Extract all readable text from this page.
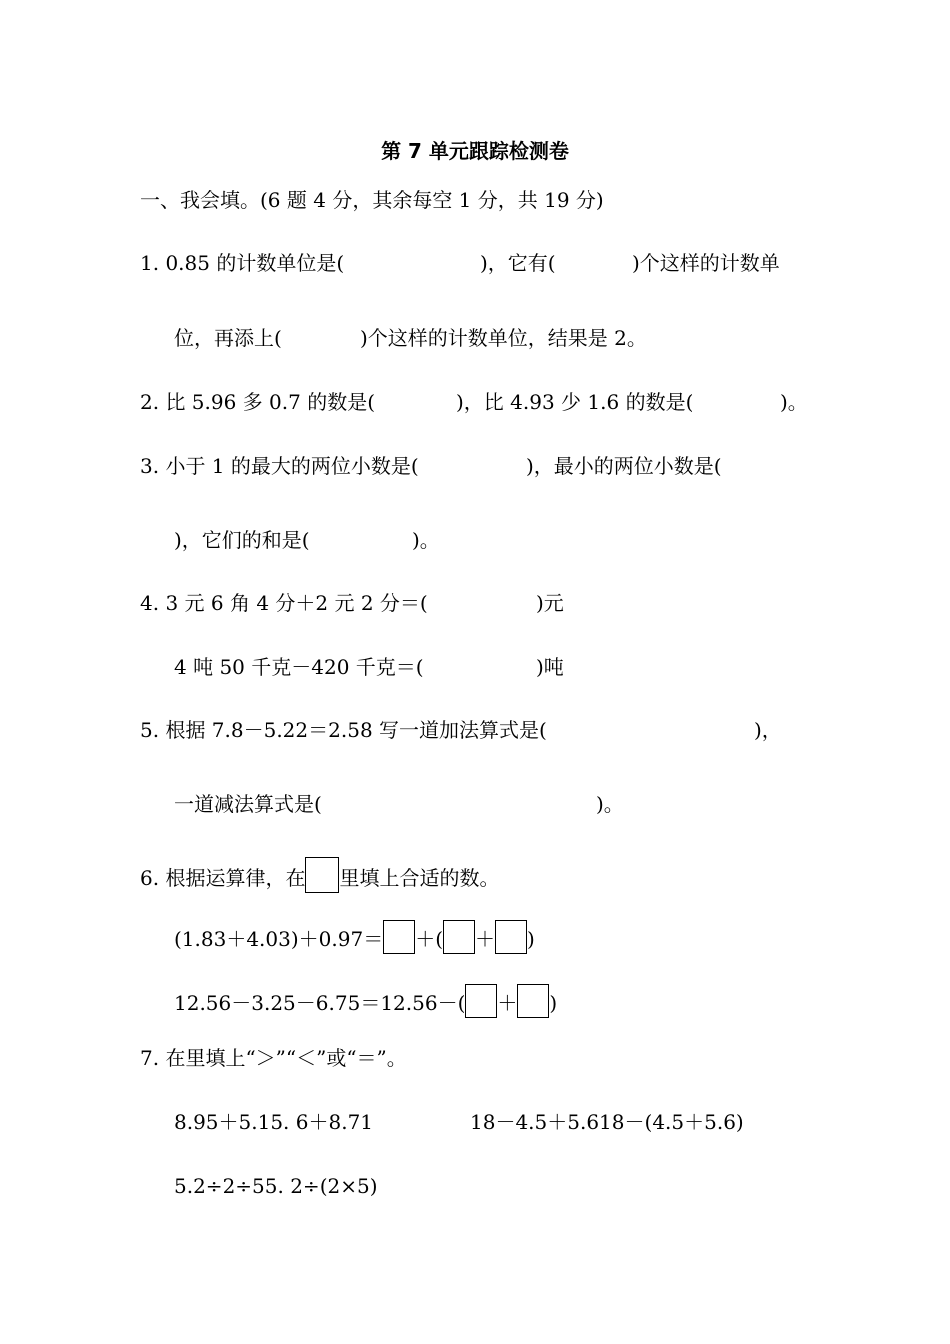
第 7 单元跟踪检测卷
一、我会填。(6 题 4 分，其余每空 1 分，共 19 分)
1. 0.85 的计数单位是(	)，它有(	)个这样的计数单
位，再添上(	)个这样的计数单位，结果是 2。
2. 比 5.96 多 0.7 的数是(	)，比 4.93 少 1.6 的数是(	)。
3. 小于 1 的最大的两位小数是(	)，最小的两位小数是(
)，它们的和是(	)。
4. 3 元 6 角 4 分＋2 元 2 分＝(	)元
4 吨 50 千克－420 千克＝(	)吨
5. 根据 7.8－5.22＝2.58 写一道加法算式是(	)，
一道减法算式是(	)。
6. 根据运算律，在 里填上合适的数。
(1.83＋4.03)＋0.97＝ ＋( ＋ )
12.56－3.25－6.75＝12.56－( ＋ )
7. 在里填上“＞”“＜”或“＝”。
8.95＋5.15. 6＋8.71	18－4.5＋5.618－(4.5＋5.6)
5.2÷2÷55. 2÷(2×5)
